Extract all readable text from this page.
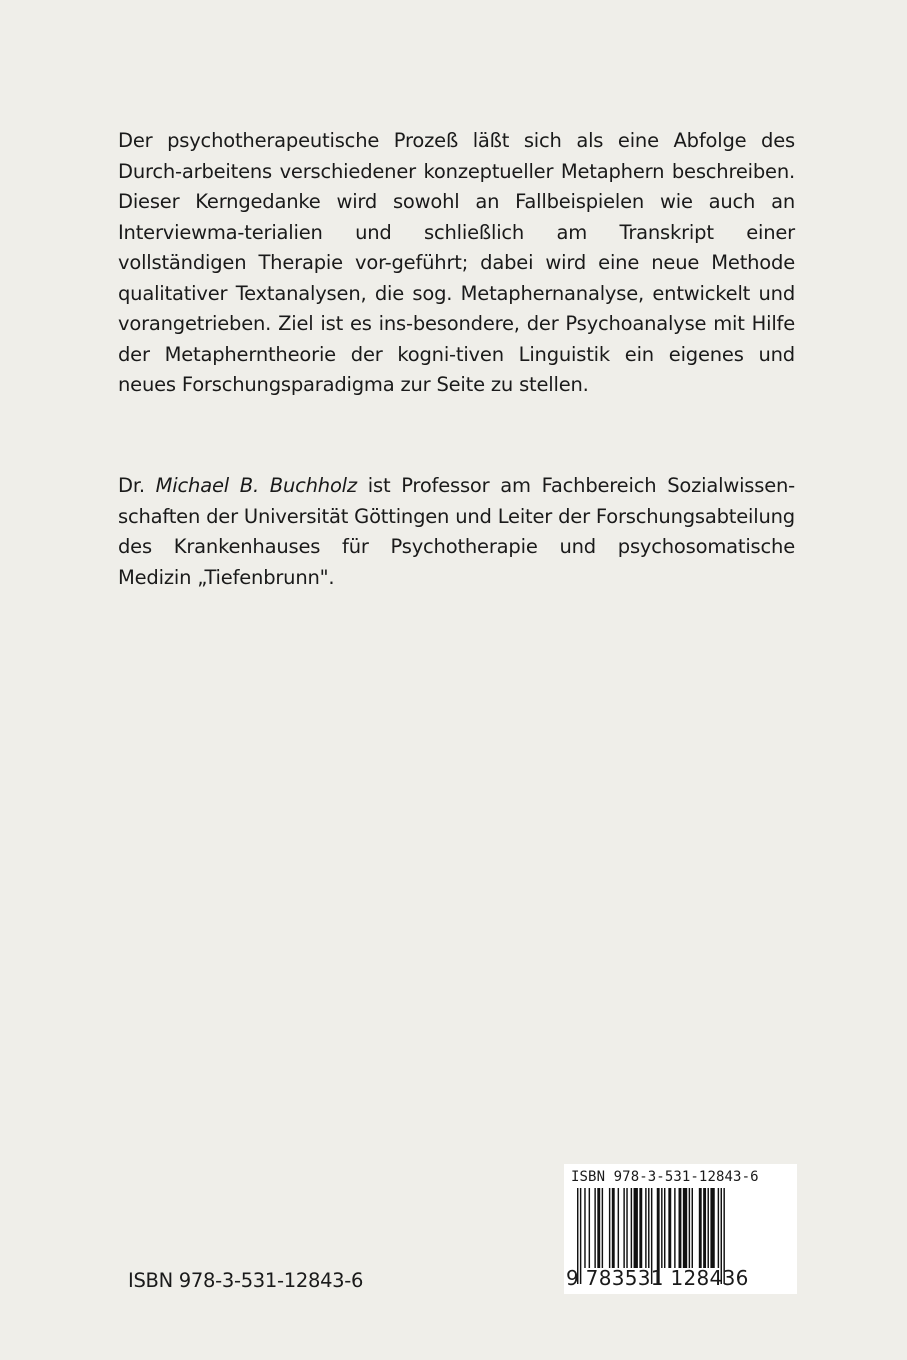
Der psychotherapeutische Prozeß läßt sich als eine Abfolge des Durch-arbeitens verschiedener konzeptueller Metaphern beschreiben. Dieser Kerngedanke wird sowohl an Fallbeispielen wie auch an Interviewma-terialien und schließlich am Transkript einer vollständigen Therapie vor-geführt; dabei wird eine neue Methode qualitativer Textanalysen, die sog. Metaphernanalyse, entwickelt und vorangetrieben. Ziel ist es ins-besondere, der Psychoanalyse mit Hilfe der Metapherntheorie der kogni-tiven Linguistik ein eigenes und neues Forschungsparadigma zur Seite zu stellen.
Dr. Michael B. Buchholz ist Professor am Fachbereich Sozialwissen-schaften der Universität Göttingen und Leiter der Forschungsabteilung des Krankenhauses für Psychotherapie und psychosomatische Medizin „Tiefenbrunn".
ISBN 978-3-531-12843-6
ISBN 978-3-531-12843-6
9 783531 128436
